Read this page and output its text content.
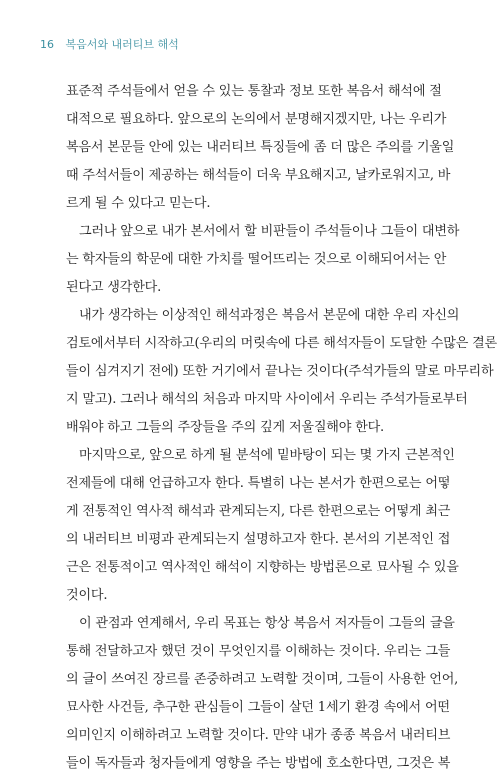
16 복음서와 내러티브 해석
표준적 주석들에서 얻을 수 있는 통찰과 정보 또한 복음서 해석에 절
대적으로 필요하다. 앞으로의 논의에서 분명해지겠지만, 나는 우리가
복음서 본문들 안에 있는 내러티브 특징들에 좀 더 많은 주의를 기울일
때 주석서들이 제공하는 해석들이 더욱 부요해지고, 날카로워지고, 바
르게 될 수 있다고 믿는다.
그러나 앞으로 내가 본서에서 할 비판들이 주석들이나 그들이 대변하
는 학자들의 학문에 대한 가치를 떨어뜨리는 것으로 이해되어서는 안
된다고 생각한다.
내가 생각하는 이상적인 해석과정은 복음서 본문에 대한 우리 자신의
검토에서부터 시작하고(우리의 머릿속에 다른 해석자들이 도달한 수많은 결론
들이 심겨지기 전에) 또한 거기에서 끝나는 것이다(주석가들의 말로 마무리하
지 말고). 그러나 해석의 처음과 마지막 사이에서 우리는 주석가들로부터
배워야 하고 그들의 주장들을 주의 깊게 저울질해야 한다.
마지막으로, 앞으로 하게 될 분석에 밑바탕이 되는 몇 가지 근본적인
전제들에 대해 언급하고자 한다. 특별히 나는 본서가 한편으로는 어떻
게 전통적인 역사적 해석과 관계되는지, 다른 한편으로는 어떻게 최근
의 내러티브 비평과 관계되는지 설명하고자 한다. 본서의 기본적인 접
근은 전통적이고 역사적인 해석이 지향하는 방법론으로 묘사될 수 있을
것이다.
이 관점과 연계해서, 우리 목표는 항상 복음서 저자들이 그들의 글을
통해 전달하고자 했던 것이 무엇인지를 이해하는 것이다. 우리는 그들
의 글이 쓰여진 장르를 존중하려고 노력할 것이며, 그들이 사용한 언어,
묘사한 사건들, 추구한 관심들이 그들이 살던 1세기 환경 속에서 어떤
의미인지 이해하려고 노력할 것이다. 만약 내가 종종 복음서 내러티브
들이 독자들과 청자들에게 영향을 주는 방법에 호소한다면, 그것은 복
